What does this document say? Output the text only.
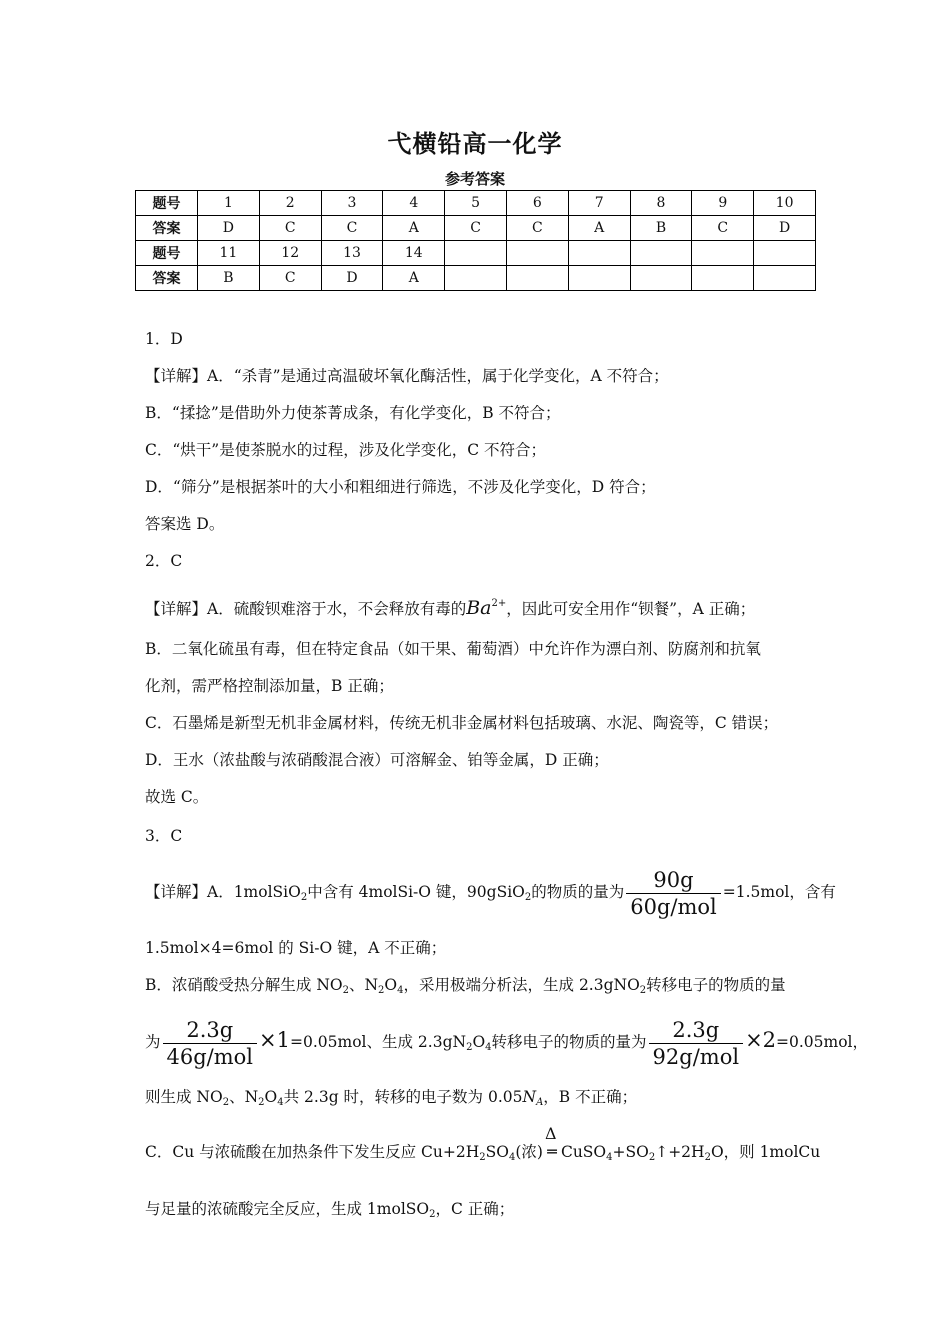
弋横铅高一化学
参考答案
题号	1	2	3	4	5	6	7	8	9	10
答案	D	C	C	A	C	C	A	B	C	D
题号	11	12	13	14						
答案	B	C	D	A						
1．D
【详解】A．“杀青”是通过高温破坏氧化酶活性，属于化学变化，A 不符合；
B．“揉捻”是借助外力使茶菁成条，有化学变化，B 不符合；
C．“烘干”是使茶脱水的过程，涉及化学变化，C 不符合；
D．“筛分”是根据茶叶的大小和粗细进行筛选，不涉及化学变化，D 符合；
答案选 D。
2．C
【详解】A．硫酸钡难溶于水，不会释放有毒的$Ba^{2+}$，因此可安全用作“钡餐”，A 正确；
B．二氧化硫虽有毒，但在特定食品（如干果、葡萄酒）中允许作为漂白剂、防腐剂和抗氧
化剂，需严格控制添加量，B 正确；
C．石墨烯是新型无机非金属材料，传统无机非金属材料包括玻璃、水泥、陶瓷等，C 错误；
D．王水（浓盐酸与浓硝酸混合液）可溶解金、铂等金属，D 正确；
故选 C。
3．C
【详解】A．1molSiO$_2$中含有 4molSi-O 键，90gSiO$_2$的物质的量为 $\frac{90g}{\text{60g/mol}} =1.5mol$，含有
1.5mol×4=6mol 的 Si-O 键，A 不正确；
B．浓硝酸受热分解生成 $NO_2$、$N_2O_4$，采用极端分析法，生成 2.3gNO$_2$转移电子的物质的量
为 $\frac{2.3g}{\text{46g/mol}} \times 1=0.05mol$、生成 $2.3gN_2O_4$转移电子的物质的量为 $\frac{2.3g}{\text{92g/mol}} \times 2=0.05mol$，
则生成 $NO_2$、$N_2O_4$共 2.3g 时，转移的电子数为 $0.05N_A$，B 不正确；
C．Cu 与浓硫酸在加热条件下发生反应 $Cu+2H_2SO_4$(浓)
Δ
═ $CuSO_4+SO_2↑+2H_2O$，则 1molCu
与足量的浓硫酸完全反应，生成 1molSO$_2$，C 正确；
